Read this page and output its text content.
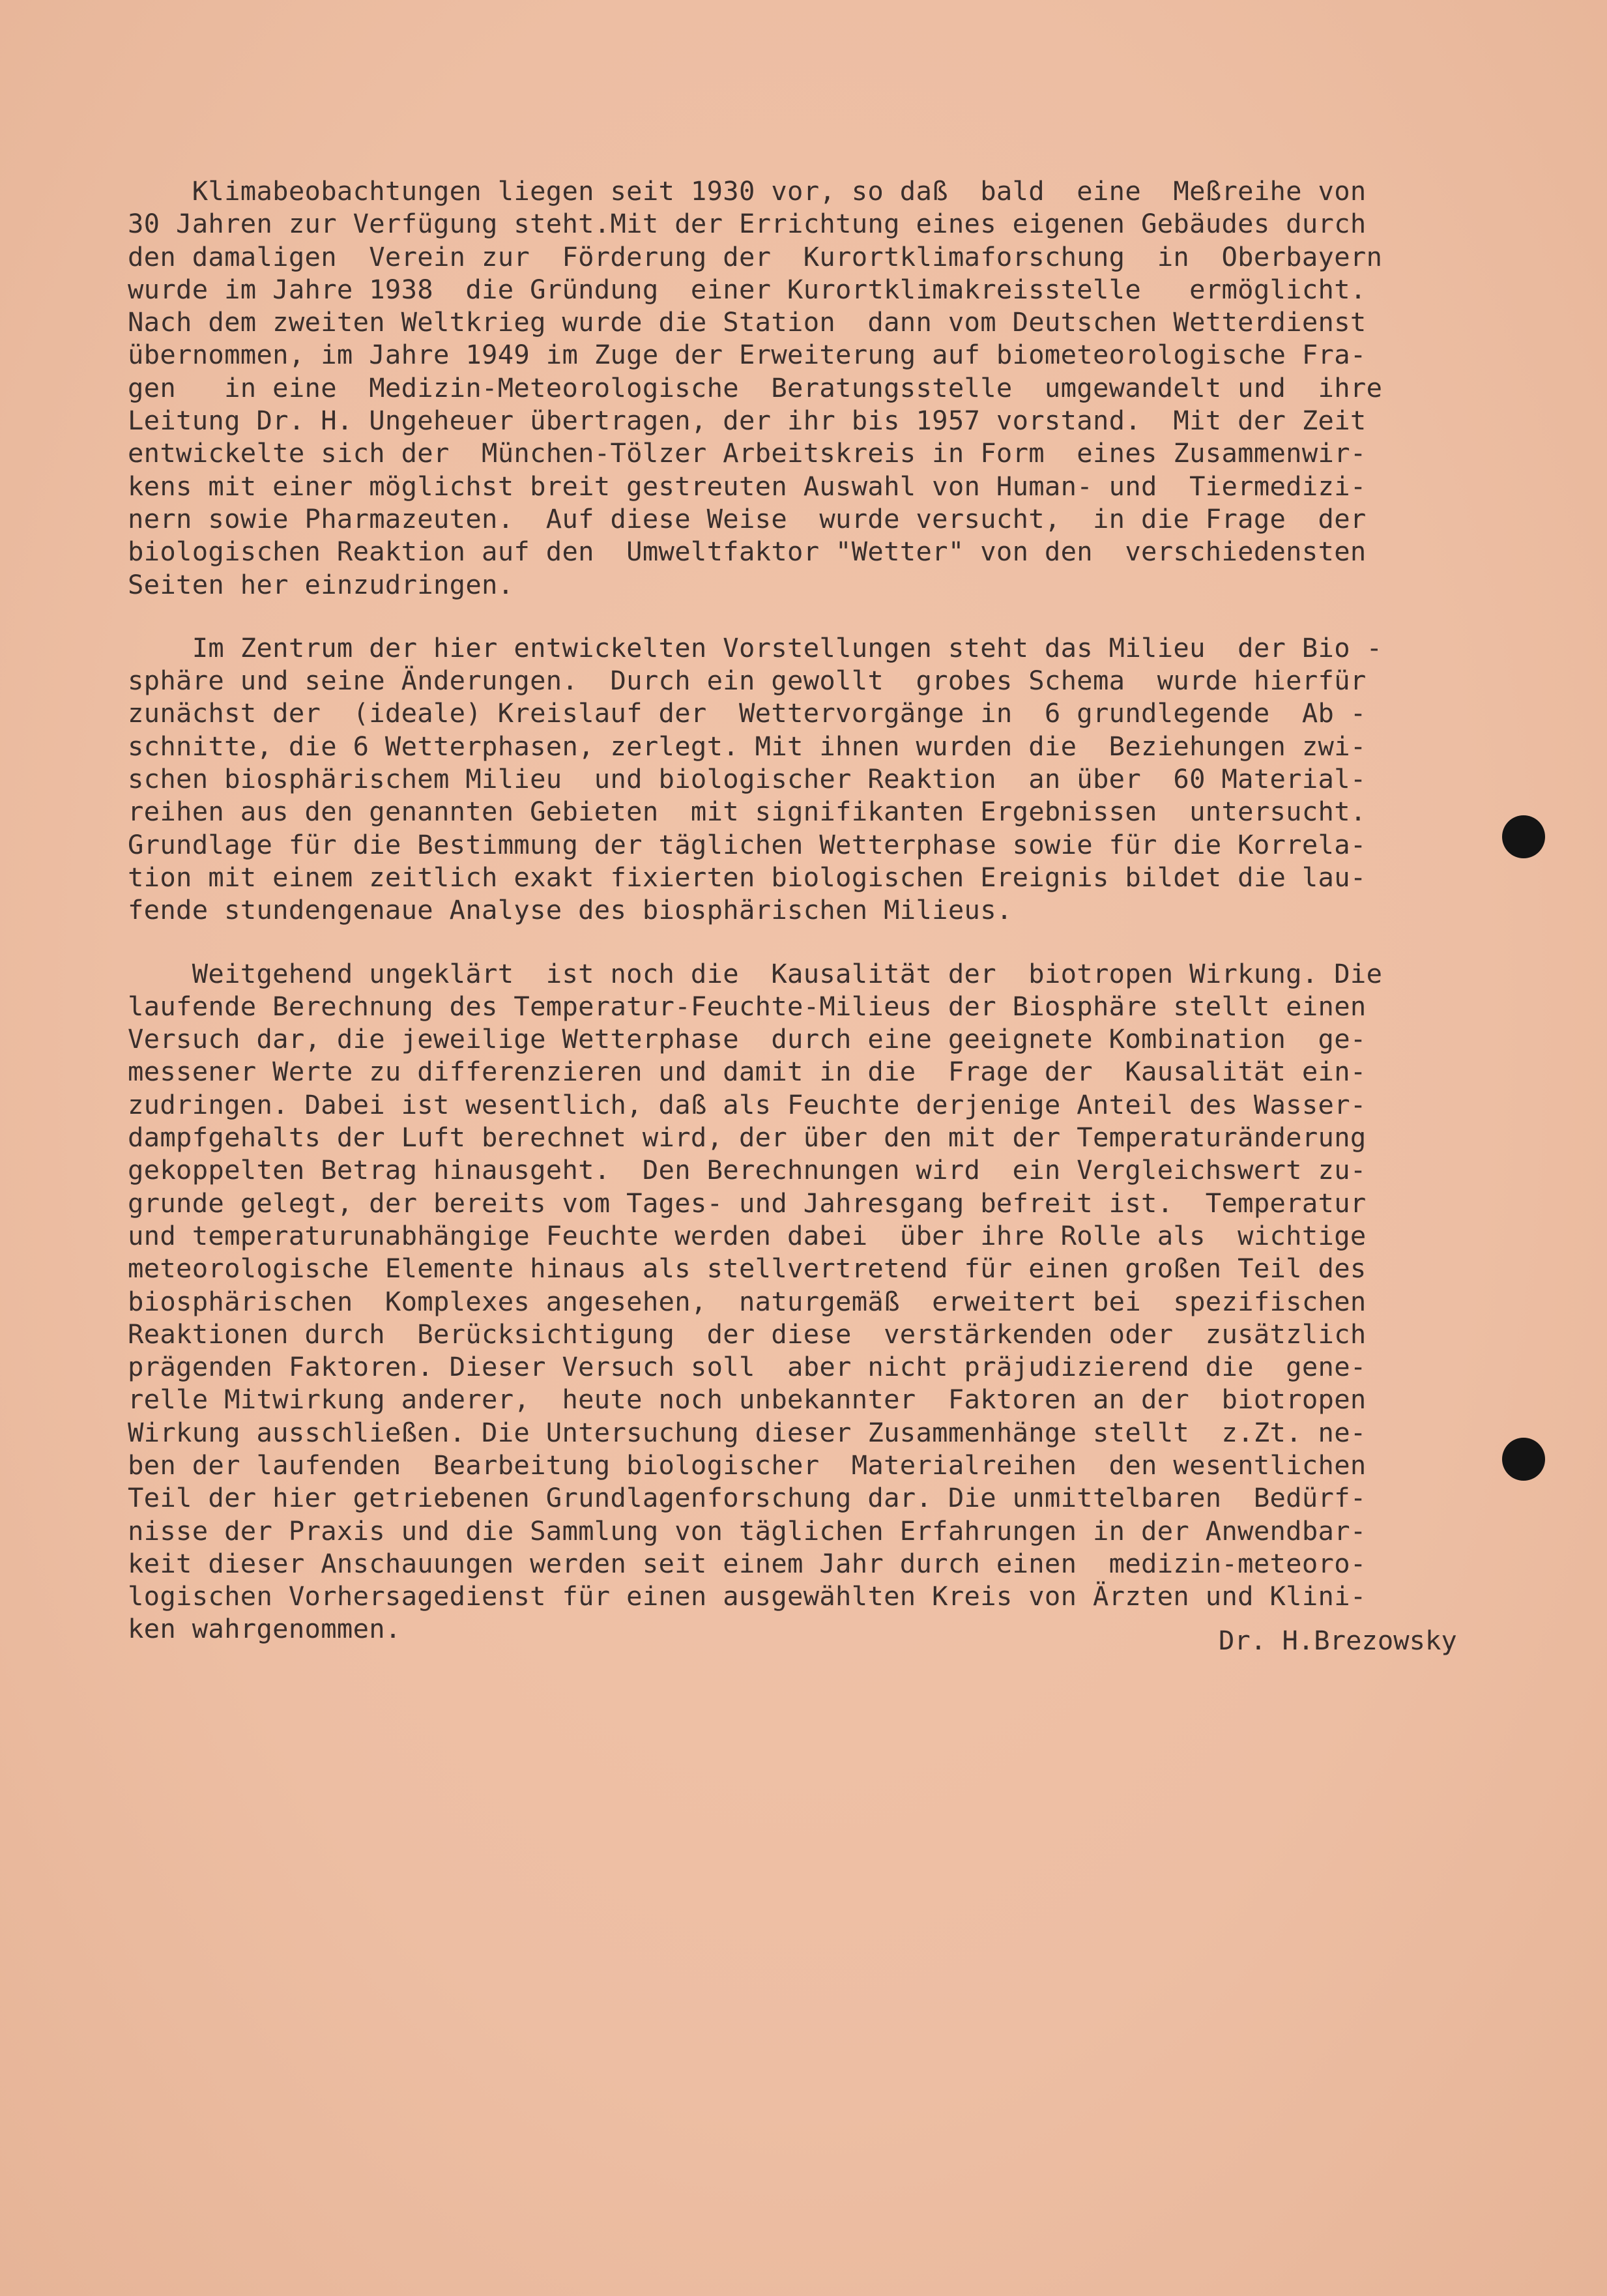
Klimabeobachtungen liegen seit 1930 vor, so daß  bald  eine  Meßreihe von
30 Jahren zur Verfügung steht.Mit der Errichtung eines eigenen Gebäudes durch
den damaligen  Verein zur  Förderung der  Kurortklimaforschung  in  Oberbayern
wurde im Jahre 1938  die Gründung  einer Kurortklimakreisstelle   ermöglicht.
Nach dem zweiten Weltkrieg wurde die Station  dann vom Deutschen Wetterdienst
übernommen, im Jahre 1949 im Zuge der Erweiterung auf biometeorologische Fra-
gen   in eine  Medizin-Meteorologische  Beratungsstelle  umgewandelt und  ihre
Leitung Dr. H. Ungeheuer übertragen, der ihr bis 1957 vorstand.  Mit der Zeit
entwickelte sich der  München-Tölzer Arbeitskreis in Form  eines Zusammenwir-
kens mit einer möglichst breit gestreuten Auswahl von Human- und  Tiermedizi-
nern sowie Pharmazeuten.  Auf diese Weise  wurde versucht,  in die Frage  der
biologischen Reaktion auf den  Umweltfaktor "Wetter" von den  verschiedensten
Seiten her einzudringen.
Im Zentrum der hier entwickelten Vorstellungen steht das Milieu  der Bio -
sphäre und seine Änderungen.  Durch ein gewollt  grobes Schema  wurde hierfür
zunächst der  (ideale) Kreislauf der  Wettervorgänge in  6 grundlegende  Ab -
schnitte, die 6 Wetterphasen, zerlegt. Mit ihnen wurden die  Beziehungen zwi-
schen biosphärischem Milieu  und biologischer Reaktion  an über  60 Material-
reihen aus den genannten Gebieten  mit signifikanten Ergebnissen  untersucht.
Grundlage für die Bestimmung der täglichen Wetterphase sowie für die Korrela-
tion mit einem zeitlich exakt fixierten biologischen Ereignis bildet die lau-
fende stundengenaue Analyse des biosphärischen Milieus.
Weitgehend ungeklärt  ist noch die  Kausalität der  biotropen Wirkung. Die
laufende Berechnung des Temperatur-Feuchte-Milieus der Biosphäre stellt einen
Versuch dar, die jeweilige Wetterphase  durch eine geeignete Kombination  ge-
messener Werte zu differenzieren und damit in die  Frage der  Kausalität ein-
zudringen. Dabei ist wesentlich, daß als Feuchte derjenige Anteil des Wasser-
dampfgehalts der Luft berechnet wird, der über den mit der Temperaturänderung
gekoppelten Betrag hinausgeht.  Den Berechnungen wird  ein Vergleichswert zu-
grunde gelegt, der bereits vom Tages- und Jahresgang befreit ist.  Temperatur
und temperaturunabhängige Feuchte werden dabei  über ihre Rolle als  wichtige
meteorologische Elemente hinaus als stellvertretend für einen großen Teil des
biosphärischen  Komplexes angesehen,  naturgemäß  erweitert bei  spezifischen
Reaktionen durch  Berücksichtigung  der diese  verstärkenden oder  zusätzlich
prägenden Faktoren. Dieser Versuch soll  aber nicht präjudizierend die  gene-
relle Mitwirkung anderer,  heute noch unbekannter  Faktoren an der  biotropen
Wirkung ausschließen. Die Untersuchung dieser Zusammenhänge stellt  z.Zt. ne-
ben der laufenden  Bearbeitung biologischer  Materialreihen  den wesentlichen
Teil der hier getriebenen Grundlagenforschung dar. Die unmittelbaren  Bedürf-
nisse der Praxis und die Sammlung von täglichen Erfahrungen in der Anwendbar-
keit dieser Anschauungen werden seit einem Jahr durch einen  medizin-meteoro-
logischen Vorhersagedienst für einen ausgewählten Kreis von Ärzten und Klini-
ken wahrgenommen.	Dr. H.Brezowsky
